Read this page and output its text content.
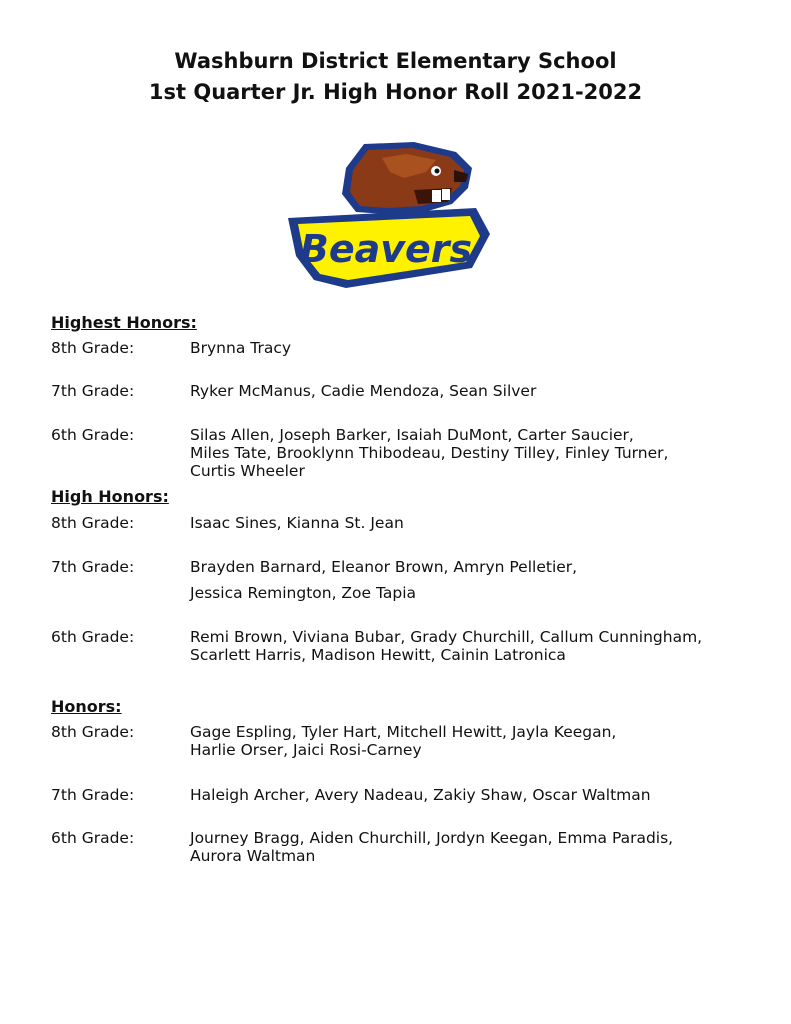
Washburn District Elementary School
1st Quarter Jr. High Honor Roll 2021-2022
Beavers
Highest Honors:
8th Grade:	Brynna Tracy
7th Grade:	Ryker McManus, Cadie Mendoza, Sean Silver
6th Grade:	Silas Allen, Joseph Barker, Isaiah DuMont, Carter Saucier,
Miles Tate, Brooklynn Thibodeau, Destiny Tilley, Finley Turner,
Curtis Wheeler
High Honors:
8th Grade:	Isaac Sines, Kianna St. Jean
7th Grade:	Brayden Barnard, Eleanor Brown, Amryn Pelletier,
Jessica Remington, Zoe Tapia
6th Grade:	Remi Brown, Viviana Bubar, Grady Churchill, Callum Cunningham,
Scarlett Harris, Madison Hewitt, Cainin Latronica
Honors:
8th Grade:	Gage Espling, Tyler Hart, Mitchell Hewitt, Jayla Keegan,
Harlie Orser, Jaici Rosi-Carney
7th Grade:	Haleigh Archer, Avery Nadeau, Zakiy Shaw, Oscar Waltman
6th Grade:	Journey Bragg, Aiden Churchill, Jordyn Keegan, Emma Paradis,
Aurora Waltman
